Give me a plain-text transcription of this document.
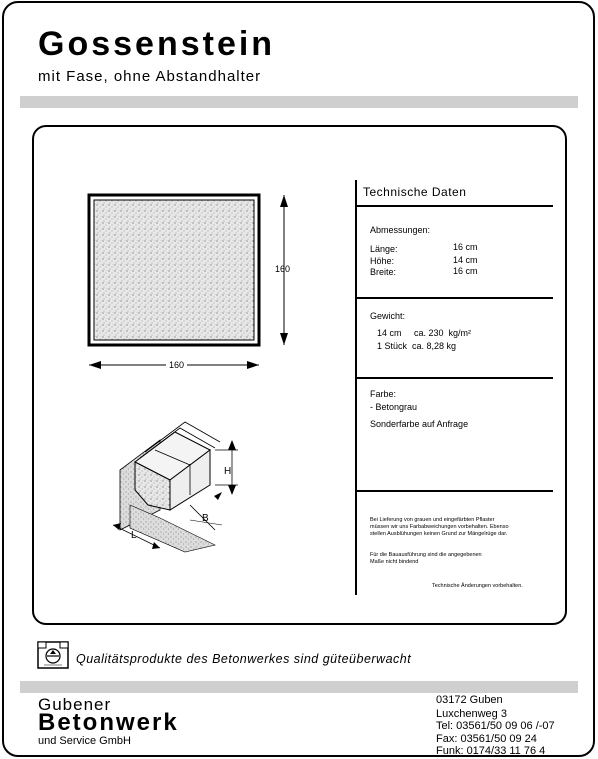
Gossenstein
mit Fase, ohne Abstandhalter
160
160
H
B
L
Technische Daten
Abmessungen:
Länge:	16 cm
Höhe:	14 cm
Breite:	16 cm
Gewicht:
14 cm     ca. 230  kg/m²
1 Stück  ca. 8,28 kg
Farbe:
- Betongrau
Sonderfarbe auf Anfrage
Bei Lieferung von grauen und eingefärbten Pflaster
müssen wir uns Farbabweichungen vorbehalten. Ebenso
stellen Ausblühungen keinen Grund zur Mängelrüge dar.
Für die Bauausführung sind die angegebenen
Maße nicht bindend
Technische Änderungen vorbehalten.
Qualitätsprodukte des Betonwerkes sind güteüberwacht
Gubener
Betonwerk
und Service GmbH
03172 Guben
Luxchenweg 3
Tel: 03561/50 09 06 /-07
Fax: 03561/50 09 24
Funk: 0174/33 11 76 4
